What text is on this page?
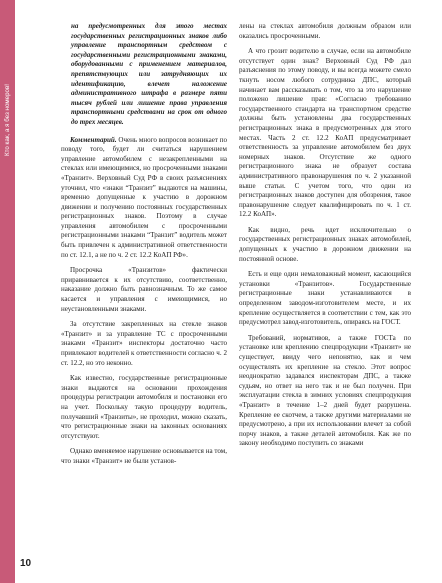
Кто как, а я без номеров!

на предусмотренных для этого местах государственных регистрационных знаков либо управление транспортным средством с государственными регистрационными знаками, оборудованными с применением материалов, препятствующих или затрудняющих их идентификацию, влечет наложение административного штрафа в размере пяти тысяч рублей или лишение права управления транспортными средствами на срок от одного до трех месяцев.

Комментарий. Очень много вопросов возникает по поводу того, будет ли считаться нарушением управление автомобилем с незакрепленными на стеклах или имеющимися, но просроченными знаками «Транзит». Верховный Суд РФ в своих разъяснениях уточнил, что «знаки “Транзит” выдаются на машины, временно допущенные к участию в дорожном движении и получению постоянных государственных регистрационных знаков. Поэтому в случае управления автомобилем с просроченными регистрационными знаками “Транзит” водитель может быть привлечен к административной ответственности по ст. 12.1, а не по ч. 2 ст. 12.2 КоАП РФ».

Просрочка «Транзитов» фактически приравнивается к их отсутствию, соответственно, наказание должно быть равнозначным. То же самое касается и управления с имеющимися, но неустановленными знаками.

За отсутствие закрепленных на стекле знаков «Транзит» и за управление ТС с просроченными знаками «Транзит» инспекторы достаточно часто привлекают водителей к ответственности согласно ч. 2 ст. 12.2, но это неконно.

Как известно, государственные регистрационные знаки выдаются на основании прохождения процедуры регистрации автомобиля и постановки его на учет. Поскольку такую процедуру водитель, получавший «Транзиты», не проходил, можно сказать, что регистрационные знаки на законных основаниях отсутствуют.

Однако вменяемое нарушение основывается на том, что знаки «Транзит» не были установ-

лены на стеклах автомобиля должным образом или оказались просроченными.

А что грозит водителю в случае, если на автомобиле отсутствует один знак? Верховный Суд РФ дал разъяснения по этому поводу, и вы всегда можете смело ткнуть носом любого сотрудника ДПС, который начинает вам рассказывать о том, что за это нарушение положено лишение прав: «Согласно требованию государственного стандарта на транспортном средстве должны быть установлены два государственных регистрационных знака в предусмотренных для этого местах. Часть 2 ст. 12.2 КоАП предусматривает ответственность за управление автомобилем без двух номерных знаков. Отсутствие же одного регистрационного знака не образует состава административного правонарушения по ч. 2 указанной выше статьи. С учетом того, что один из регистрационных знаков доступен для обозрения, такое правонарушение следует квалифицировать по ч. 1 ст. 12.2 КоАП».

Как видно, речь идет исключительно о государственных регистрационных знаках автомобилей, допущенных к участию в дорожном движении на постоянной основе.

Есть и еще один немаловажный момент, касающийся установки «Транзитов». Государственные регистрационные знаки устанавливаются в определенном заводом-изготовителем месте, и их крепление осуществляется в соответствии с тем, как это предусмотрел завод-изготовитель, опираясь на ГОСТ.

Требований, нормативов, а также ГОСТа по установке или креплению спецпродукции «Транзит» не существует, ввиду чего непонятно, как и чем осуществлять их крепление на стекло. Этот вопрос неоднократно задавался инспекторам ДПС, а также судьям, но ответ на него так и не был получен. При эксплуатации стекла в зимних условиях спецпродукция «Транзит» в течение 1–2 дней будет разрушена. Крепление ее скотчем, а также другими материалами не предусмотрено, а при их использовании влечет за собой порчу знаков, а также деталей автомобиля. Как же по закону необходимо поступить со знаками

10
